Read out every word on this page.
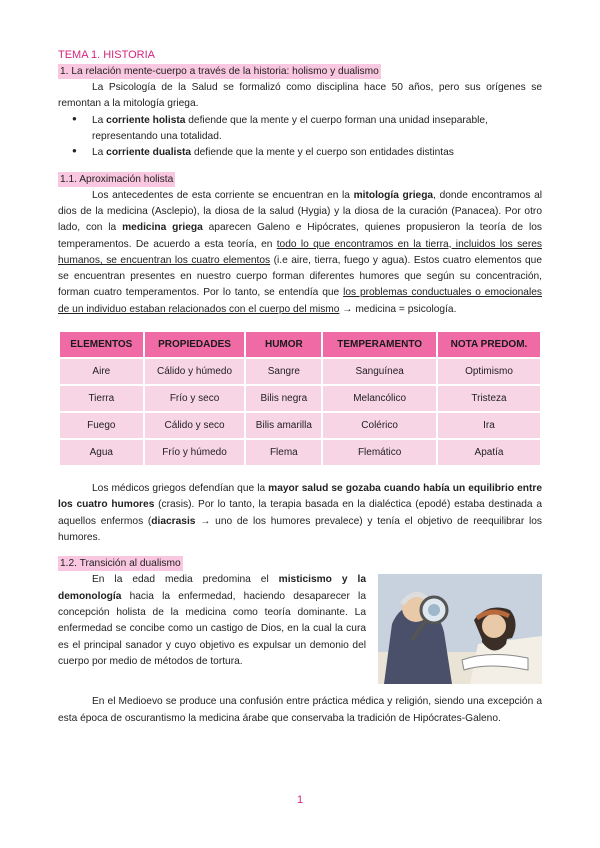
TEMA 1. HISTORIA
1. La relación mente-cuerpo a través de la historia: holismo y dualismo

La Psicología de la Salud se formalizó como disciplina hace 50 años, pero sus orígenes se remontan a la mitología griega.

● La corriente holista defiende que la mente y el cuerpo forman una unidad inseparable, representando una totalidad.
● La corriente dualista defiende que la mente y el cuerpo son entidades distintas
1.1. Aproximación holista

Los antecedentes de esta corriente se encuentran en la mitología griega, donde encontramos al dios de la medicina (Asclepio), la diosa de la salud (Hygia) y la diosa de la curación (Panacea). Por otro lado, con la medicina griega aparecen Galeno e Hipócrates, quienes propusieron la teoría de los temperamentos. De acuerdo a esta teoría, en todo lo que encontramos en la tierra, incluidos los seres humanos, se encuentran los cuatro elementos (i.e aire, tierra, fuego y agua). Estos cuatro elementos que se encuentran presentes en nuestro cuerpo forman diferentes humores que según su concentración, forman cuatro temperamentos. Por lo tanto, se entendía que los problemas conductuales o emocionales de un individuo estaban relacionados con el cuerpo del mismo → medicina = psicología.

ELEMENTOS	PROPIEDADES	HUMOR	TEMPERAMENTO	NOTA PREDOM.
Aire	Cálido y húmedo	Sangre	Sanguínea	Optimismo
Tierra	Frío y seco	Bilis negra	Melancólico	Tristeza
Fuego	Cálido y seco	Bilis amarilla	Colérico	Ira
Agua	Frío y húmedo	Flema	Flemático	Apatía

Los médicos griegos defendían que la mayor salud se gozaba cuando había un equilibrio entre los cuatro humores (crasis). Por lo tanto, la terapia basada en la dialéctica (epodé) estaba destinada a aquellos enfermos (diacrasis → uno de los humores prevalece) y tenía el objetivo de reequilibrar los humores.

1.2. Transición al dualismo

En la edad media predomina el misticismo y la demonología hacia la enfermedad, haciendo desaparecer la concepción holista de la medicina como teoría dominante. La enfermedad se concibe como un castigo de Dios, en la cual la cura es el principal sanador y cuyo objetivo es expulsar un demonio del cuerpo por medio de métodos de tortura.

En el Medioevo se produce una confusión entre práctica médica y religión, siendo una excepción a esta época de oscurantismo la medicina árabe que conservaba la tradición de Hipócrates-Galeno.

1
